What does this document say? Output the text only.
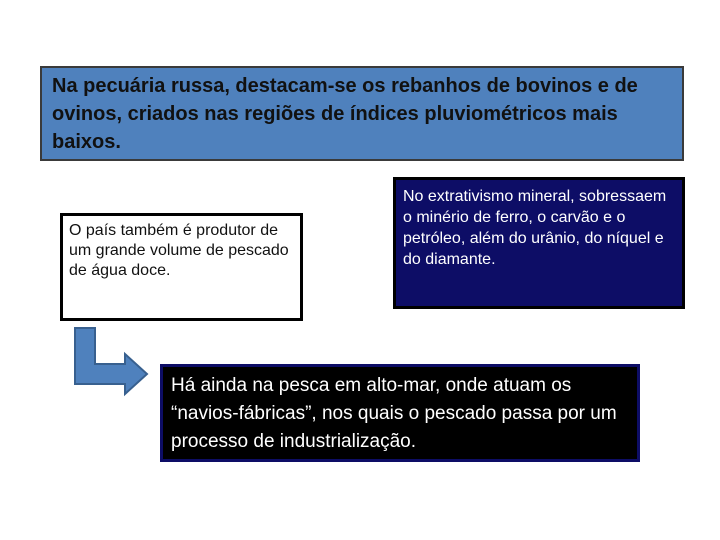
Na pecuária russa, destacam-se os rebanhos de bovinos e de ovinos, criados nas regiões de índices pluviométricos mais baixos.
O país também é produtor de um grande volume de pescado de água doce.
No extrativismo mineral, sobressaem o minério de ferro, o carvão e o petróleo, além do urânio, do níquel e do diamante.
Há ainda na pesca em alto-mar, onde atuam os “navios-fábricas”, nos quais o pescado passa por um processo de industrialização.
